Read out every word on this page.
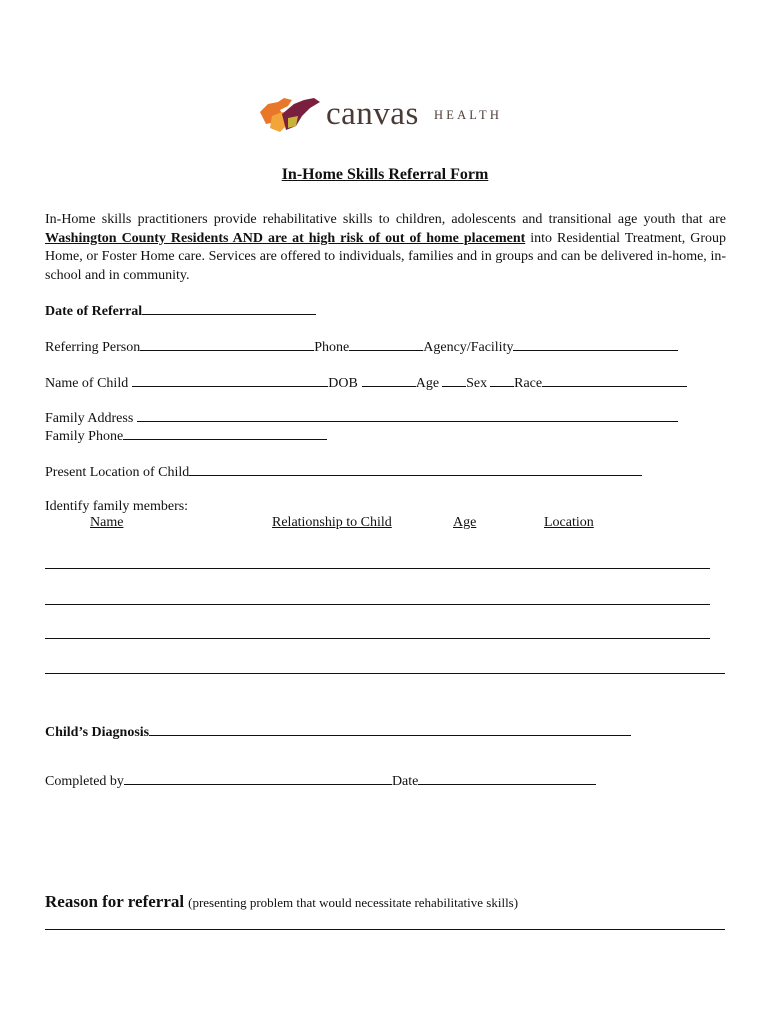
canvas HEALTH
In-Home Skills Referral Form
In-Home skills practitioners provide rehabilitative skills to children, adolescents and transitional age youth that are Washington County Residents AND are at high risk of out of home placement into Residential Treatment, Group Home, or Foster Home care. Services are offered to individuals, families and in groups and can be delivered in-home, in-school and in community.
Date of Referral
Referring Person	Phone	Agency/Facility
Name of Child	DOB	Age Sex Race
Family Address
Family Phone
Present Location of Child
Identify family members:
Name	Relationship to Child	Age	Location
Child’s Diagnosis
Completed by	Date
Reason for referral (presenting problem that would necessitate rehabilitative skills)
